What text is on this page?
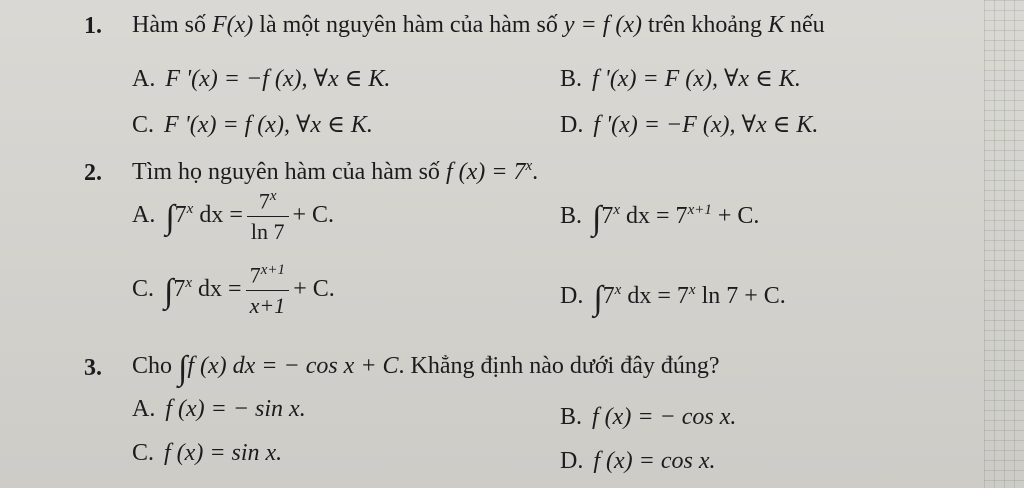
1. Hàm số F(x) là một nguyên hàm của hàm số y = f (x) trên khoảng K nếu
A. F '(x) = −f (x), ∀x ∈ K.	B. f '(x) = F (x), ∀x ∈ K.
C. F '(x) = f (x), ∀x ∈ K.	D. f '(x) = −F (x), ∀x ∈ K.
2. Tìm họ nguyên hàm của hàm số f $(x) = 7^x$.
A. ∫7$^x$ dx = $\frac{7^x}{\ln 7} + C$.	B. ∫7$^x$ dx = $7^{x+1} + C$.
C. ∫7$^x$ dx = $\frac{7^{x+1}}{x+1} + C$.	D. ∫7$^x$ dx = $7^x$ ln 7 + C.
3. Cho ∫f (x) dx = − cos x + C. Khẳng định nào dưới đây đúng?
A. f (x) = − sin x.	B. f (x) = − cos x.
C. f (x) = sin x.	D. f (x) = cos x.
